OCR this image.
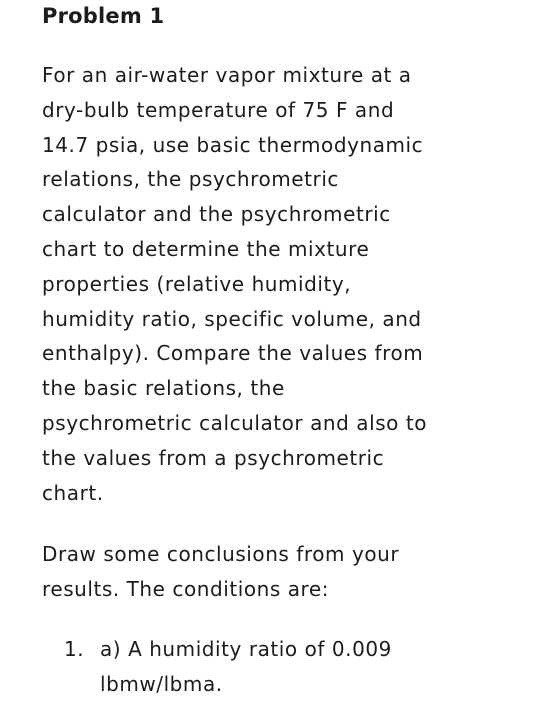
Problem 1

For an air-water vapor mixture at a
dry-bulb temperature of 75 F and
14.7 psia, use basic thermodynamic
relations, the psychrometric
calculator and the psychrometric
chart to determine the mixture
properties (relative humidity,
humidity ratio, specific volume, and
enthalpy). Compare the values from
the basic relations, the
psychrometric calculator and also to
the values from a psychrometric
chart.

Draw some conclusions from your
results. The conditions are:

1. a) A humidity ratio of 0.009
lbmw/lbma.
